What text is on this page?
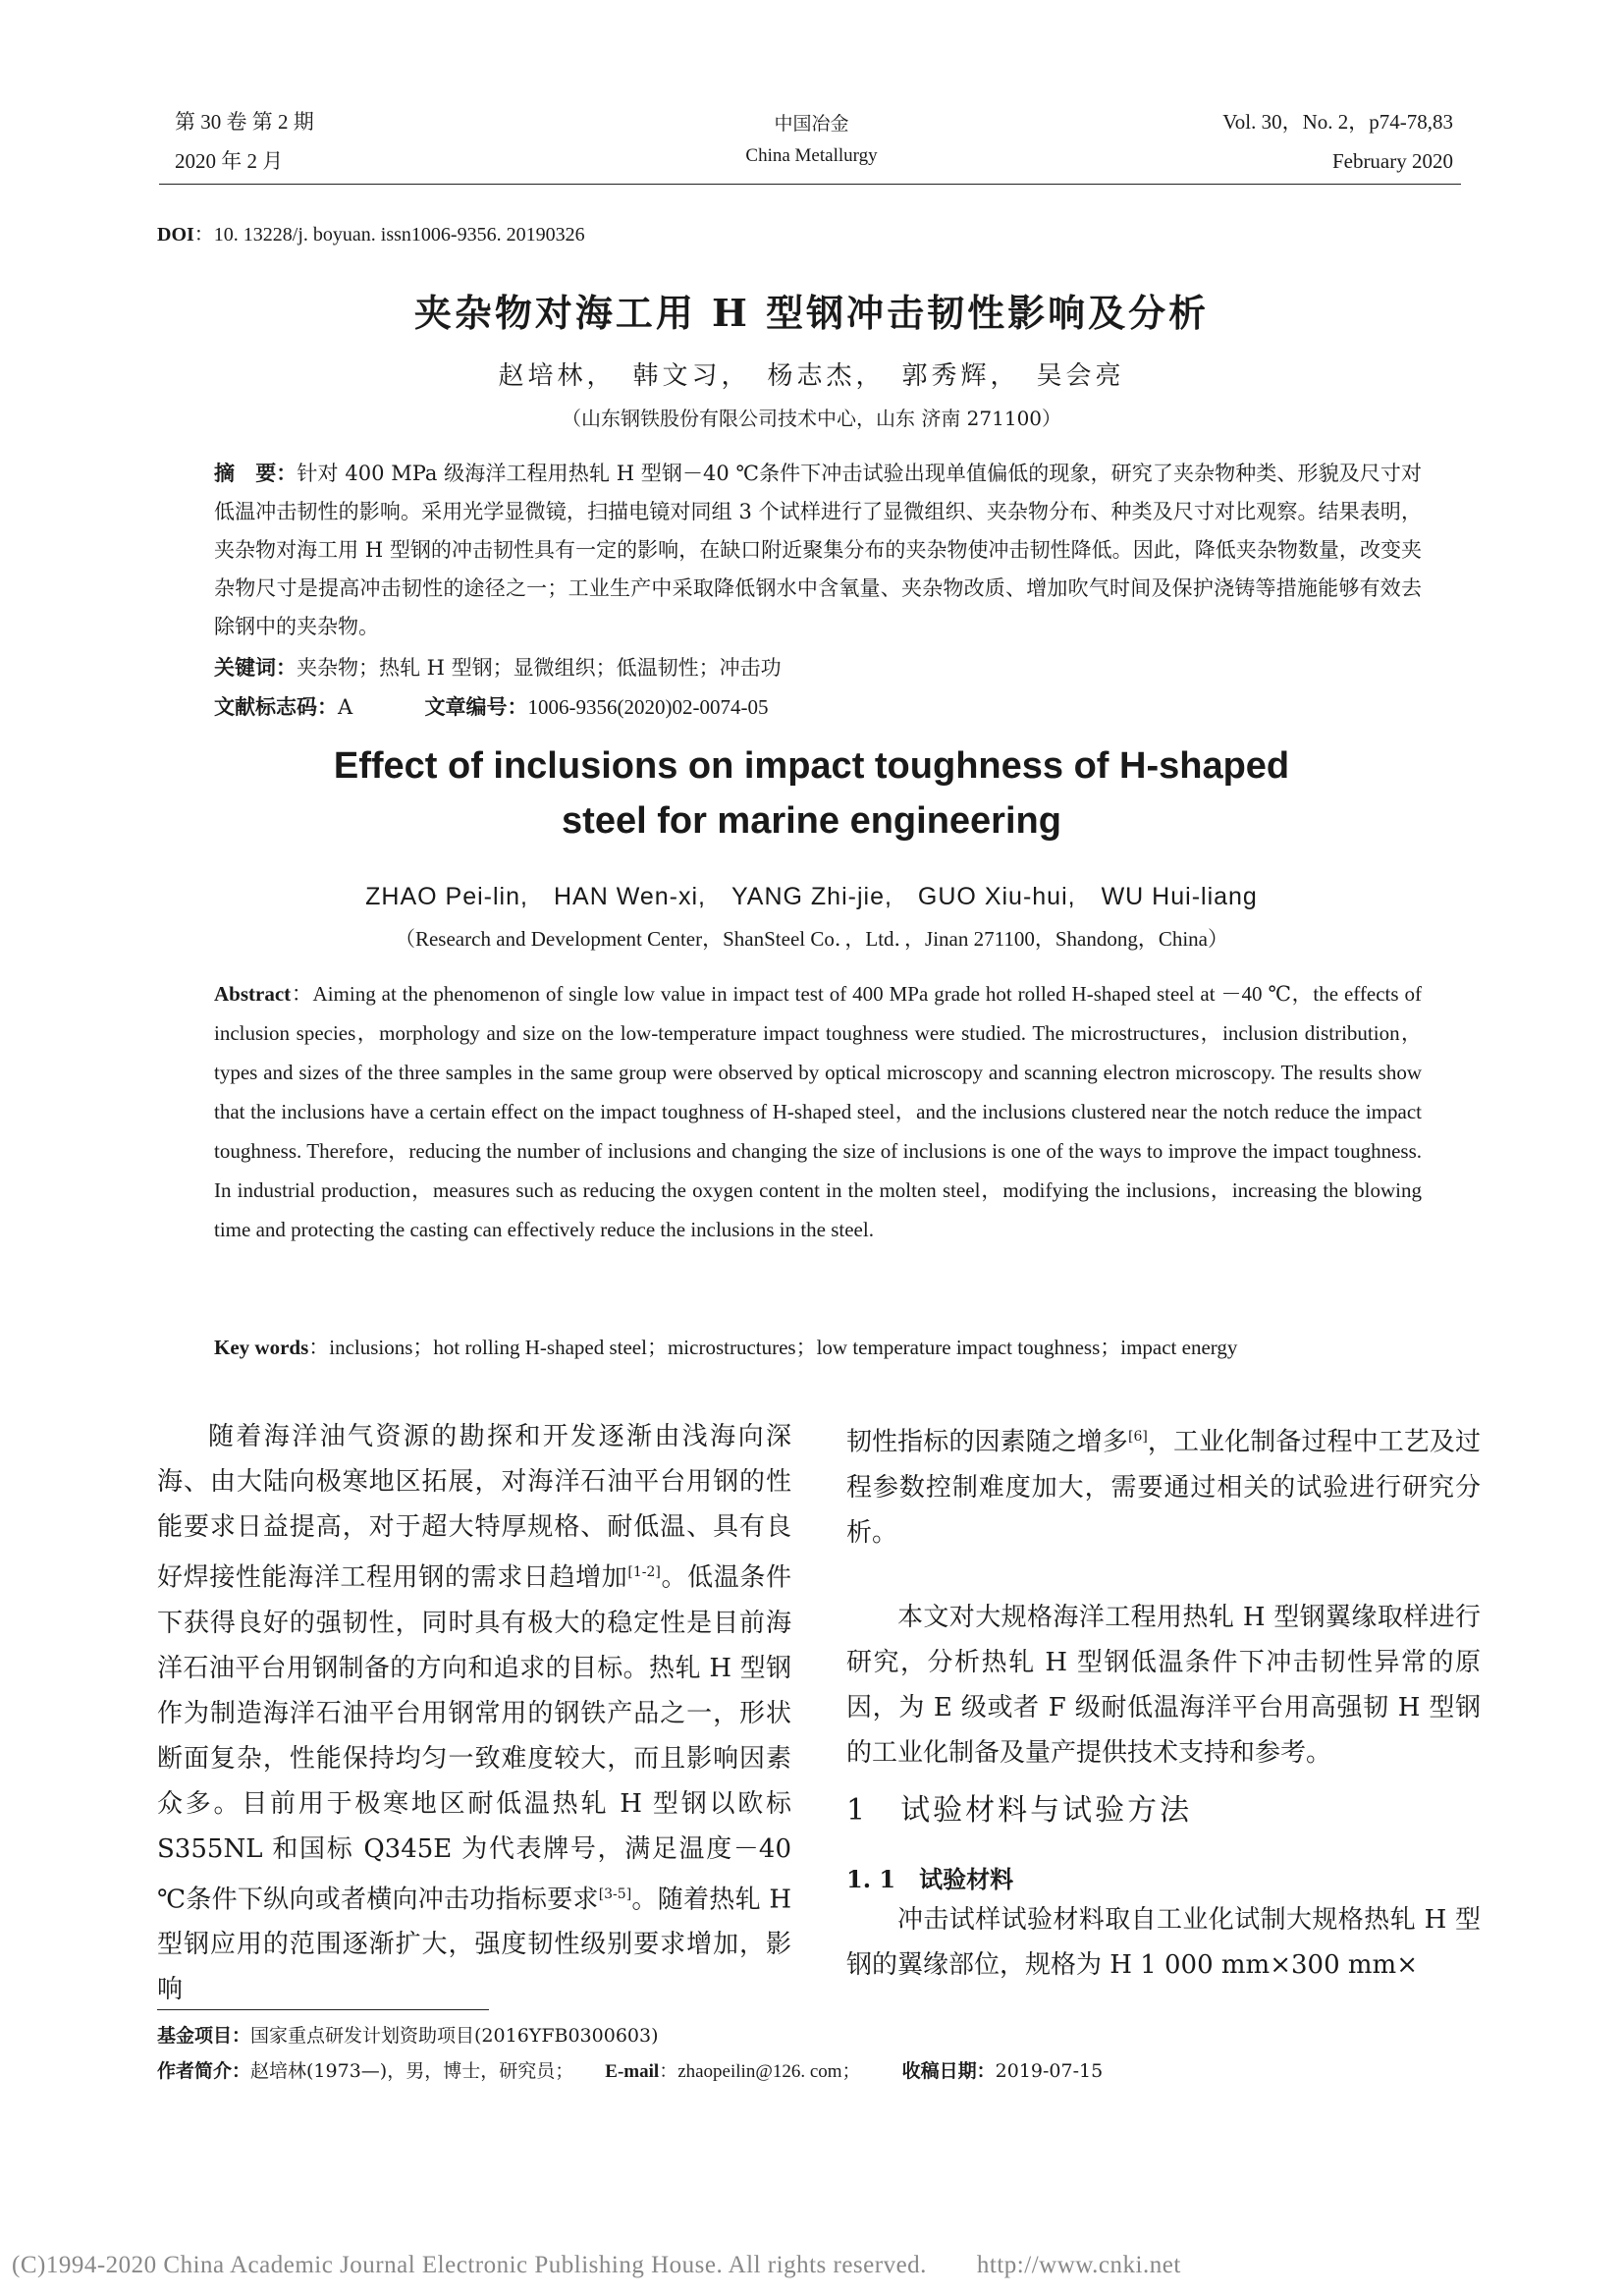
第 30 卷 第 2 期
2020 年 2 月
中国冶金
China Metallurgy
Vol. 30，No. 2，p74-78,83
February 2020
DOI：10. 13228/j. boyuan. issn1006-9356. 20190326
夹杂物对海工用 H 型钢冲击韧性影响及分析
赵培林，　韩文习，　杨志杰，　郭秀辉，　吴会亮
（山东钢铁股份有限公司技术中心，山东 济南 271100）
摘　要：针对 400 MPa 级海洋工程用热轧 H 型钢－40 ℃条件下冲击试验出现单值偏低的现象，研究了夹杂物种类、形貌及尺寸对低温冲击韧性的影响。采用光学显微镜，扫描电镜对同组 3 个试样进行了显微组织、夹杂物分布、种类及尺寸对比观察。结果表明，夹杂物对海工用 H 型钢的冲击韧性具有一定的影响，在缺口附近聚集分布的夹杂物使冲击韧性降低。因此，降低夹杂物数量，改变夹杂物尺寸是提高冲击韧性的途径之一；工业生产中采取降低钢水中含氧量、夹杂物改质、增加吹气时间及保护浇铸等措施能够有效去除钢中的夹杂物。
关键词：夹杂物；热轧 H 型钢；显微组织；低温韧性；冲击功
文献标志码：A	文章编号：1006-9356(2020)02-0074-05
Effect of inclusions on impact toughness of H-shaped
steel for marine engineering
ZHAO Pei-lin,　HAN Wen-xi,　YANG Zhi-jie,　GUO Xiu-hui,　WU Hui-liang
（Research and Development Center，ShanSteel Co．，Ltd．，Jinan 271100，Shandong，China）
Abstract：Aiming at the phenomenon of single low value in impact test of 400 MPa grade hot rolled H-shaped steel at －40 ℃，the effects of inclusion species，morphology and size on the low-temperature impact toughness were studied. The microstructures，inclusion distribution，types and sizes of the three samples in the same group were observed by optical microscopy and scanning electron microscopy. The results show that the inclusions have a certain effect on the impact toughness of H-shaped steel，and the inclusions clustered near the notch reduce the impact toughness. Therefore，reducing the number of inclusions and changing the size of inclusions is one of the ways to improve the impact toughness. In industrial production，measures such as reducing the oxygen content in the molten steel，modifying the inclusions，increasing the blowing time and protecting the casting can effectively reduce the inclusions in the steel.
Key words：inclusions；hot rolling H-shaped steel；microstructures；low temperature impact toughness；impact energy
随着海洋油气资源的勘探和开发逐渐由浅海向深海、由大陆向极寒地区拓展，对海洋石油平台用钢的性能要求日益提高，对于超大特厚规格、耐低温、具有良好焊接性能海洋工程用钢的需求日趋增加[1-2]。低温条件下获得良好的强韧性，同时具有极大的稳定性是目前海洋石油平台用钢制备的方向和追求的目标。热轧 H 型钢作为制造海洋石油平台用钢常用的钢铁产品之一，形状断面复杂，性能保持均匀一致难度较大，而且影响因素众多。目前用于极寒地区耐低温热轧 H 型钢以欧标 S355NL 和国标 Q345E 为代表牌号，满足温度－40 ℃条件下纵向或者横向冲击功指标要求[3-5]。随着热轧 H 型钢应用的范围逐渐扩大，强度韧性级别要求增加，影响
韧性指标的因素随之增多[6]，工业化制备过程中工艺及过程参数控制难度加大，需要通过相关的试验进行研究分析。
本文对大规格海洋工程用热轧 H 型钢翼缘取样进行研究，分析热轧 H 型钢低温条件下冲击韧性异常的原因，为 E 级或者 F 级耐低温海洋平台用高强韧 H 型钢的工业化制备及量产提供技术支持和参考。
1　试验材料与试验方法
1. 1　试验材料
冲击试样试验材料取自工业化试制大规格热轧 H 型钢的翼缘部位，规格为 H 1 000 mm×300 mm×
基金项目：国家重点研发计划资助项目(2016YFB0300603)
作者简介：赵培林(1973—)，男，博士，研究员； E-mail：zhaopeilin@126. com； 收稿日期：2019-07-15
(C)1994-2020 China Academic Journal Electronic Publishing House. All rights reserved.　　http://www.cnki.net
